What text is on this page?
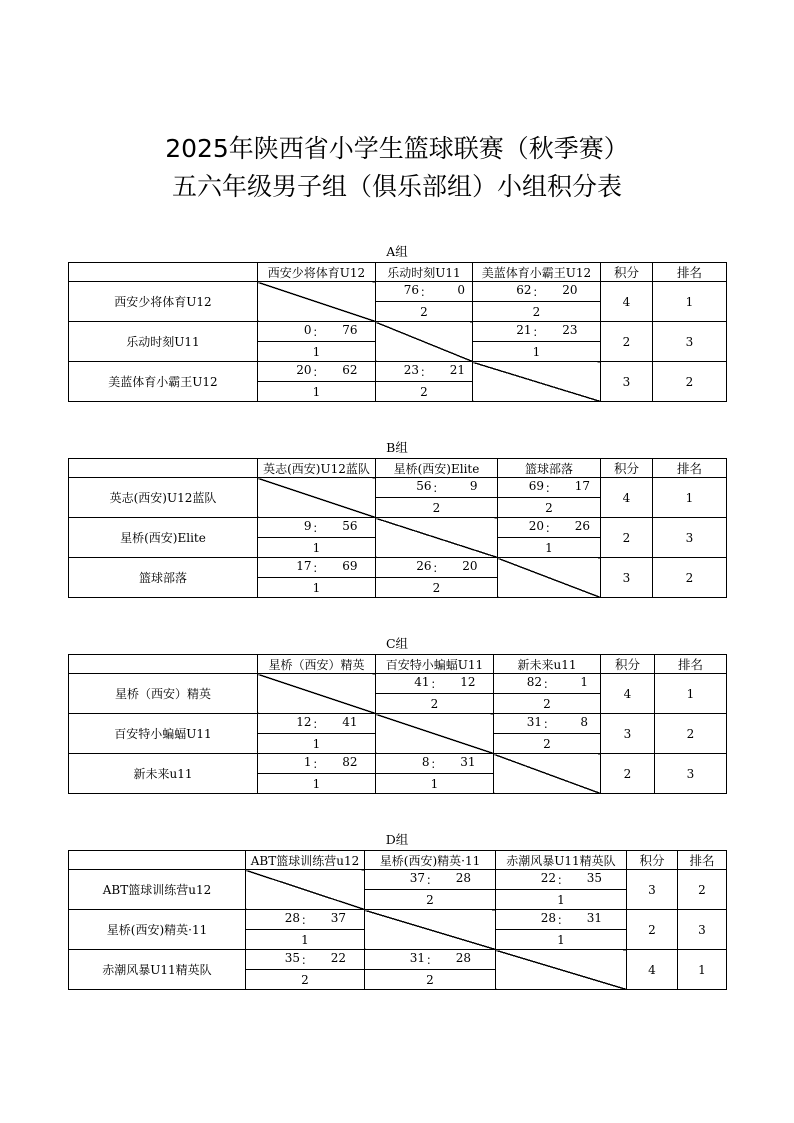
2025年陕西省小学生篮球联赛（秋季赛）
五六年级男子组（俱乐部组）小组积分表
A组
	西安少将体育U12	乐动时刻U11	美蓝体育小霸王U12	积分	排名
西安少将体育U12		76 ： 0	62 ： 20	4	1
		2	2		
乐动时刻U11	0 ： 76		21 ： 23	2	3
	1		1		
美蓝体育小霸王U12	20 ： 62	23 ： 21		3	2
	1	2			
B组
	英志(西安)U12蓝队	星桥(西安)Elite	篮球部落	积分	排名
英志(西安)U12蓝队		56 ： 9	69 ： 17	4	1
		2	2		
星桥(西安)Elite	9 ： 56		20 ： 26	2	3
	1		1		
篮球部落	17 ： 69	26 ： 20		3	2
	1	2			
C组
	星桥（西安）精英	百安特小蝙蝠U11	新未来u11	积分	排名
星桥（西安）精英		41 ： 12	82 ： 1	4	1
		2	2		
百安特小蝙蝠U11	12 ： 41		31 ： 8	3	2
	1		2		
新未来u11	1 ： 82	8 ： 31		2	3
	1	1			
D组
	ABT篮球训练营u12	星桥(西安)精英·11	赤潮风暴U11精英队	积分	排名
ABT篮球训练营u12		37 ： 28	22 ： 35	3	2
		2	1		
星桥(西安)精英·11	28 ： 37		28 ： 31	2	3
	1		1		
赤潮风暴U11精英队	35 ： 22	31 ： 28		4	1
	2	2			
